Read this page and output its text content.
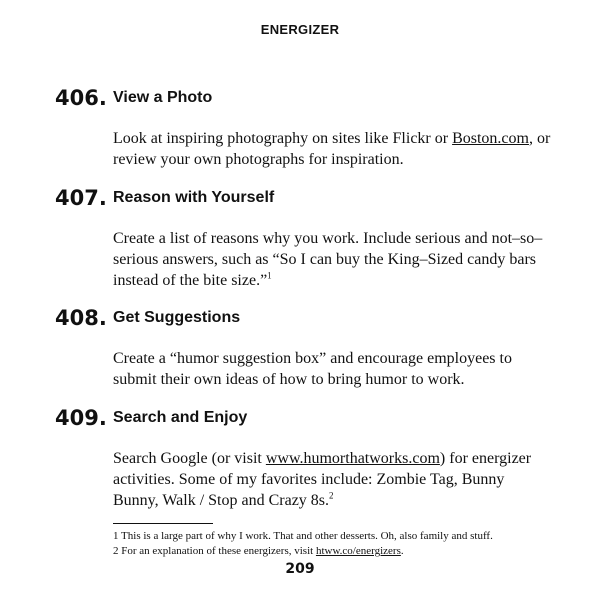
ENERGIZER
406. View a Photo
Look at inspiring photography on sites like Flickr or Boston.com, or review your own photographs for inspiration.
407. Reason with Yourself
Create a list of reasons why you work. Include serious and not–so–serious answers, such as “So I can buy the King–Sized candy bars instead of the bite size.”$^1$
408. Get Suggestions
Create a “humor suggestion box” and encourage employees to submit their own ideas of how to bring humor to work.
409. Search and Enjoy
Search Google (or visit www.humorthatworks.com) for energizer activities. Some of my favorites include: Zombie Tag, Bunny Bunny, Walk / Stop and Crazy 8s.$^2$
1 This is a large part of why I work. That and other desserts. Oh, also family and stuff.
2 For an explanation of these energizers, visit htww.co/energizers.
209
